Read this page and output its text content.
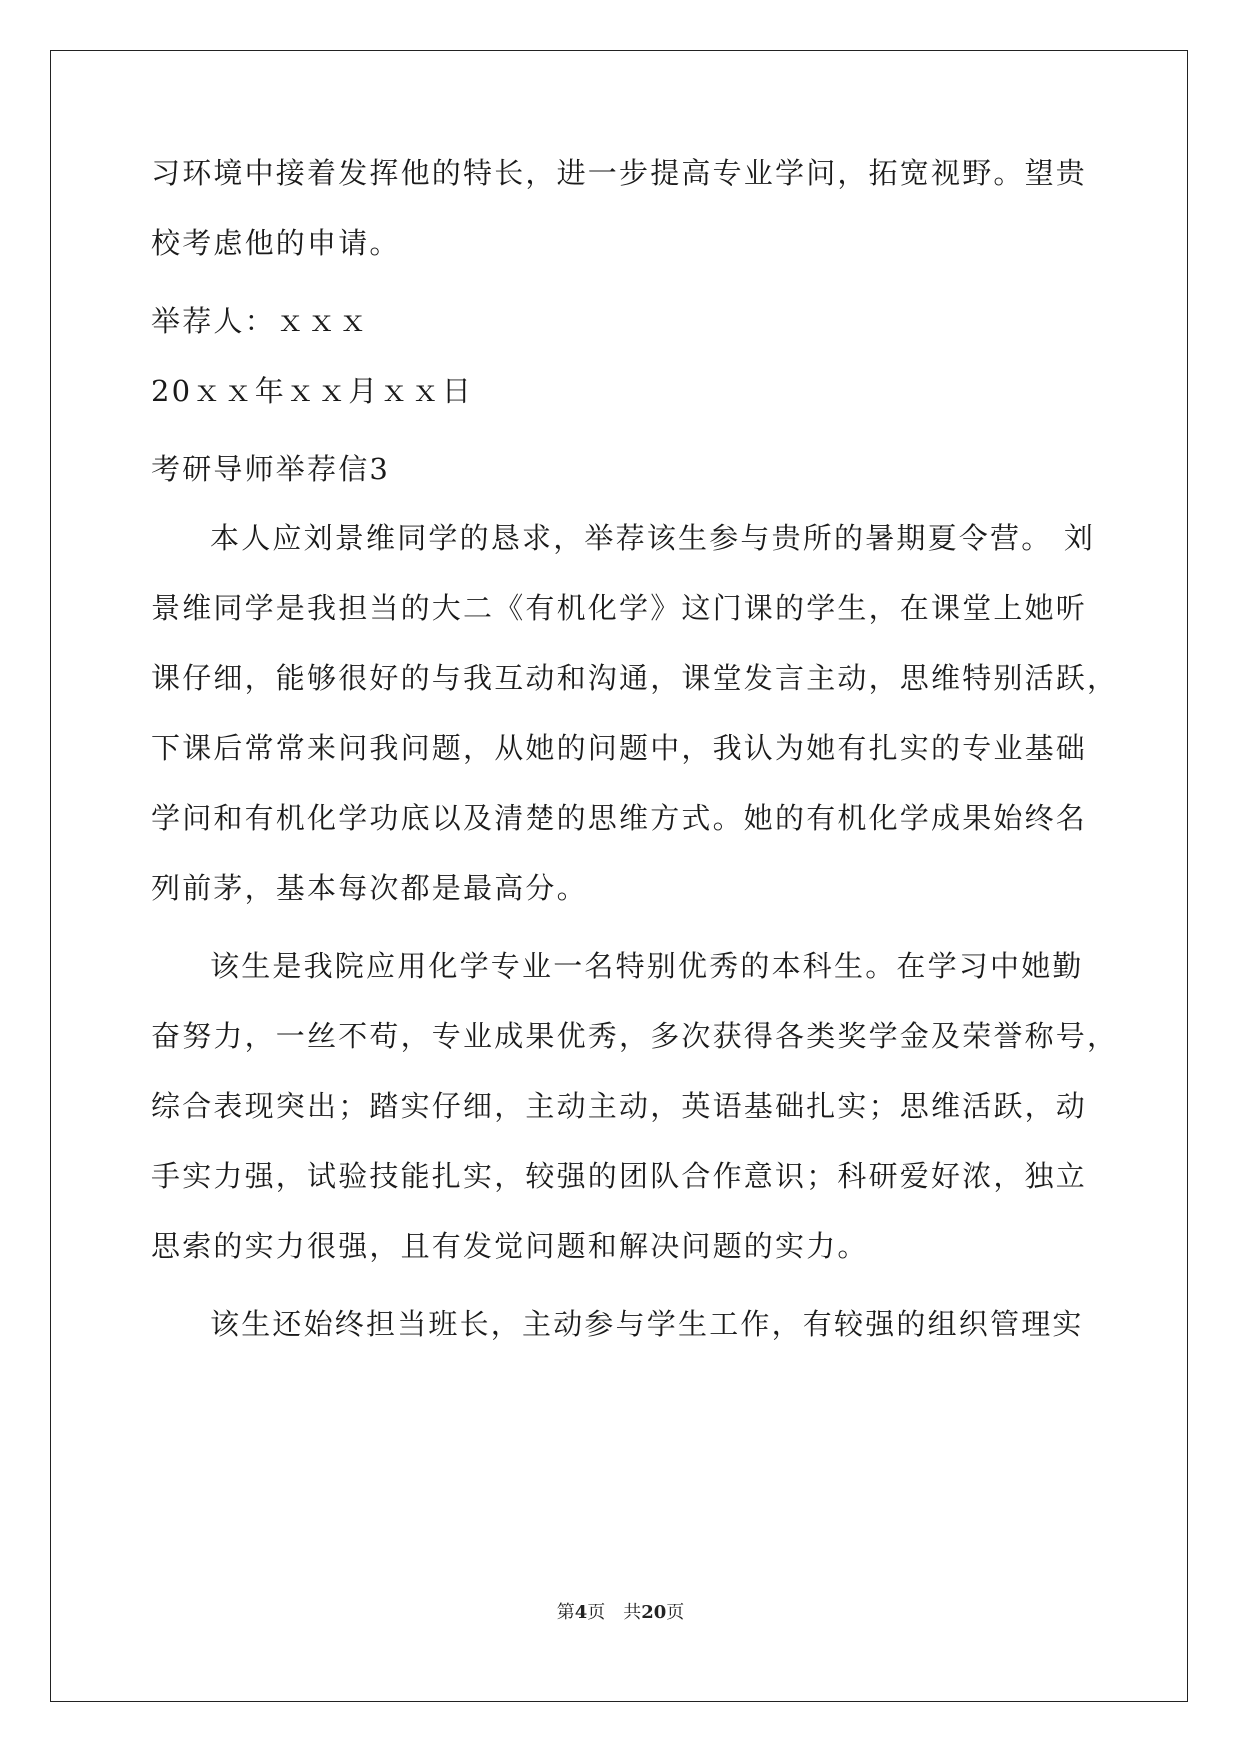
习环境中接着发挥他的特长，进一步提高专业学问，拓宽视野。望贵
校考虑他的申请。
举荐人：ｘｘｘ
20ｘｘ年ｘｘ月ｘｘ日
考研导师举荐信3
本人应刘景维同学的恳求，举荐该生参与贵所的暑期夏令营。 刘
景维同学是我担当的大二《有机化学》这门课的学生，在课堂上她听
课仔细，能够很好的与我互动和沟通，课堂发言主动，思维特别活跃，
下课后常常来问我问题，从她的问题中，我认为她有扎实的专业基础
学问和有机化学功底以及清楚的思维方式。她的有机化学成果始终名
列前茅，基本每次都是最高分。
该生是我院应用化学专业一名特别优秀的本科生。在学习中她勤
奋努力，一丝不苟，专业成果优秀，多次获得各类奖学金及荣誉称号，
综合表现突出；踏实仔细，主动主动，英语基础扎实；思维活跃，动
手实力强，试验技能扎实，较强的团队合作意识；科研爱好浓，独立
思索的实力很强，且有发觉问题和解决问题的实力。
该生还始终担当班长，主动参与学生工作，有较强的组织管理实
第4页　共20页
